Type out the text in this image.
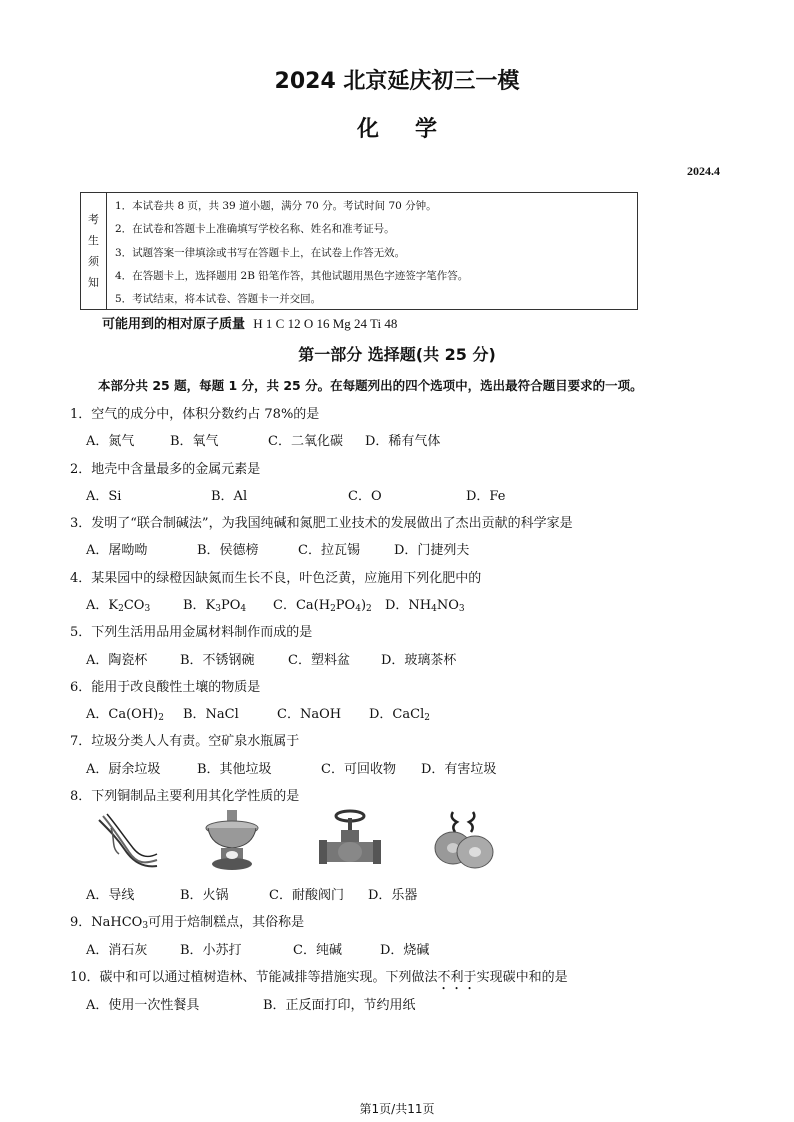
2024 北京延庆初三一模
化学
2024.4
考
生
须
知
1．本试卷共 8 页，共 39 道小题，满分 70 分。考试时间 70 分钟。
2．在试卷和答题卡上准确填写学校名称、姓名和准考证号。
3．试题答案一律填涂或书写在答题卡上，在试卷上作答无效。
4．在答题卡上，选择题用 2B 铅笔作答，其他试题用黑色字迹签字笔作答。
5．考试结束，将本试卷、答题卡一并交回。
可能用到的相对原子质量 H 1 C 12 O 16 Mg 24 Ti 48
第一部分 选择题(共 25 分)
本部分共 25 题，每题 1 分，共 25 分。在每题列出的四个选项中，选出最符合题目要求的一项。
1．空气的成分中，体积分数约占 78%的是
A．氮气	B．氧气	C．二氧化碳 D．稀有气体
2．地壳中含量最多的金属元素是
A．Si	B．Al	C．O	D．Fe
3．发明了“联合制碱法”，为我国纯碱和氮肥工业技术的发展做出了杰出贡献的科学家是
A．屠呦呦	B．侯德榜	C．拉瓦锡	D．门捷列夫
4．某果园中的绿橙因缺氮而生长不良，叶色泛黄，应施用下列化肥中的
A．$K_2CO_3$	B．$K_3PO_4$ C．$Ca(H_2PO_4)_2$ D．$NH_4NO_3$
5．下列生活用品用金属材料制作而成的是
A．陶瓷杯	B．不锈钢碗	C．塑料盆 D．玻璃茶杯
6．能用于改良酸性土壤的物质是
A．$Ca(OH)_2$ B．NaCl	C．NaOH D．CaCl$_2$
7．垃圾分类人人有责。空矿泉水瓶属于
A．厨余垃圾	B．其他垃圾	C．可回收物 D．有害垃圾
8．下列铜制品主要利用其化学性质的是
A．导线	B．火锅	C．耐酸阀门 D．乐器
9．NaHCO$_3$可用于焙制糕点，其俗称是
A．消石灰	B．小苏打	C．纯碱	D．烧碱
10．碳中和可以通过植树造林、节能减排等措施实现。下列做法不利于实现碳中和的是
A．使用一次性餐具	B．正反面打印，节约用纸
第1页/共11页
